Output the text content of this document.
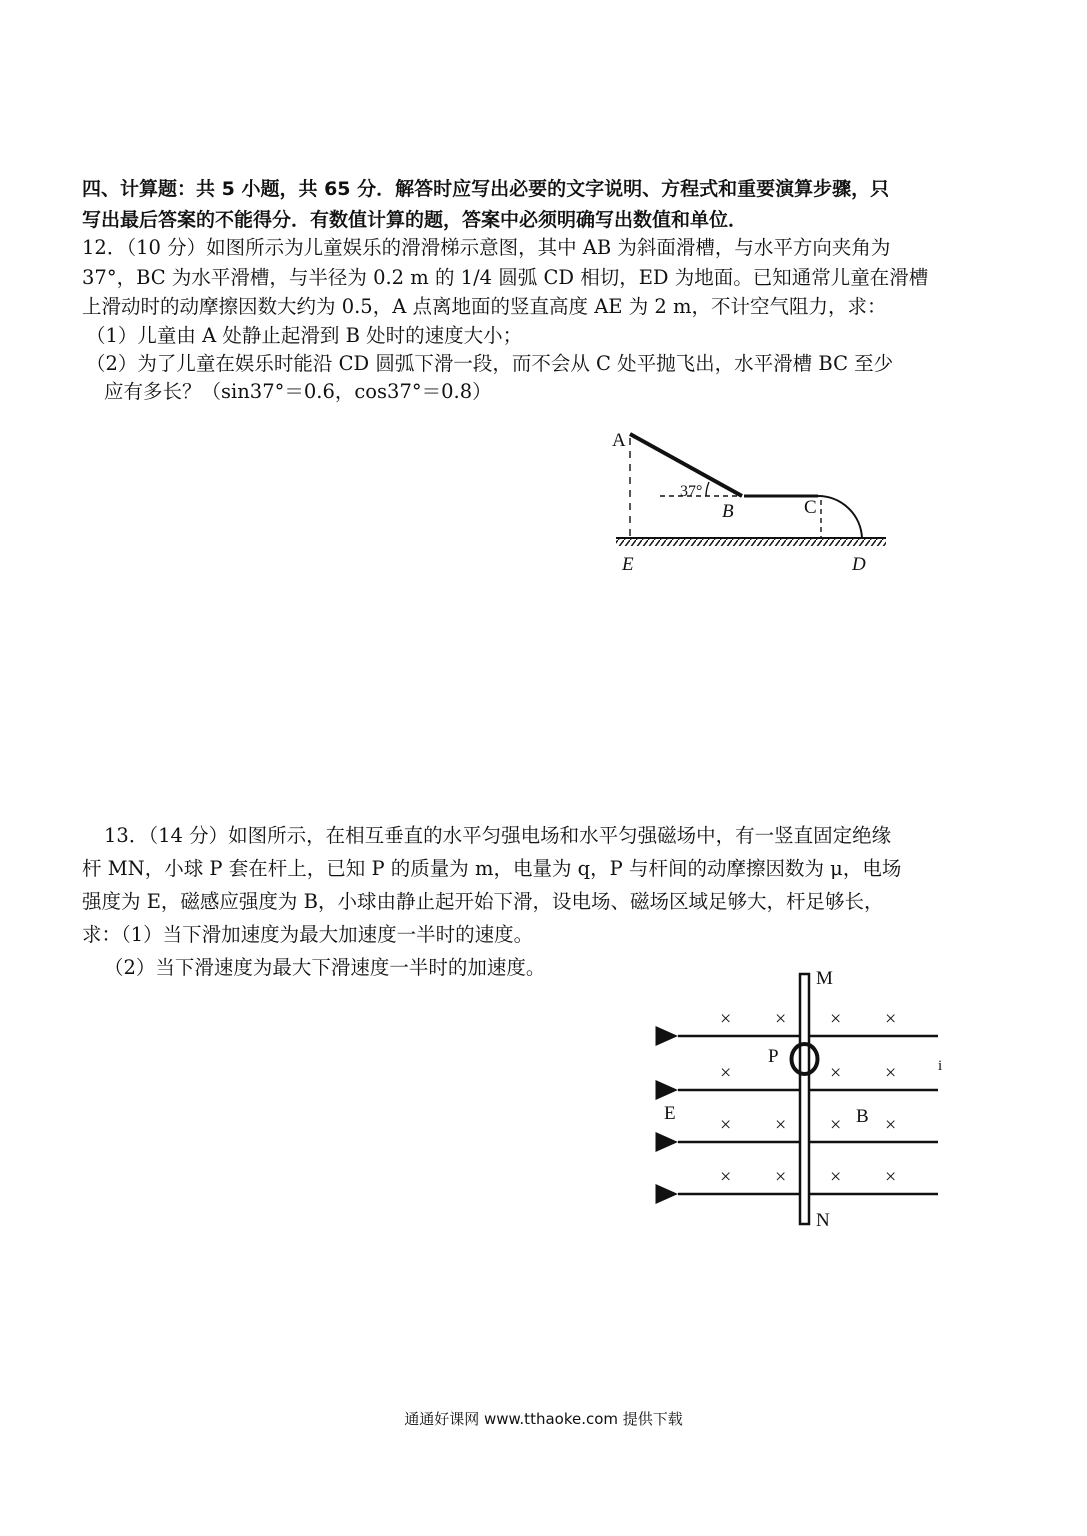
四、计算题：共 5 小题，共 65 分．解答时应写出必要的文字说明、方程式和重要演算步骤，只
写出最后答案的不能得分．有数值计算的题，答案中必须明确写出数值和单位．
12．（10 分）如图所示为儿童娱乐的滑滑梯示意图，其中 AB 为斜面滑槽，与水平方向夹角为
37°，BC 为水平滑槽，与半径为 0.2 m 的 1/4 圆弧 CD 相切，ED 为地面。已知通常儿童在滑槽
上滑动时的动摩擦因数大约为 0.5，A 点离地面的竖直高度 AE 为 2 m，不计空气阻力，求：
（1）儿童由 A 处静止起滑到 B 处时的速度大小；
（2）为了儿童在娱乐时能沿 CD 圆弧下滑一段，而不会从 C 处平抛飞出，水平滑槽 BC 至少
应有多长？（sin37°＝0.6，cos37°＝0.8）
A
B	C
E	D
37°
13．（14 分）如图所示，在相互垂直的水平匀强电场和水平匀强磁场中，有一竖直固定绝缘
杆 MN，小球 P 套在杆上，已知 P 的质量为 m，电量为 q，P 与杆间的动摩擦因数为 μ，电场
强度为 E，磁感应强度为 B，小球由静止起开始下滑，设电场、磁场区域足够大，杆足够长，
求：（1）当下滑加速度为最大加速度一半时的速度。
（2）当下滑速度为最大下滑速度一半时的加速度。
× × × ×
×	× ×
× × × ×
× × × ×
P
M
N
E	B
i
通通好课网 www.tthaoke.com 提供下载
